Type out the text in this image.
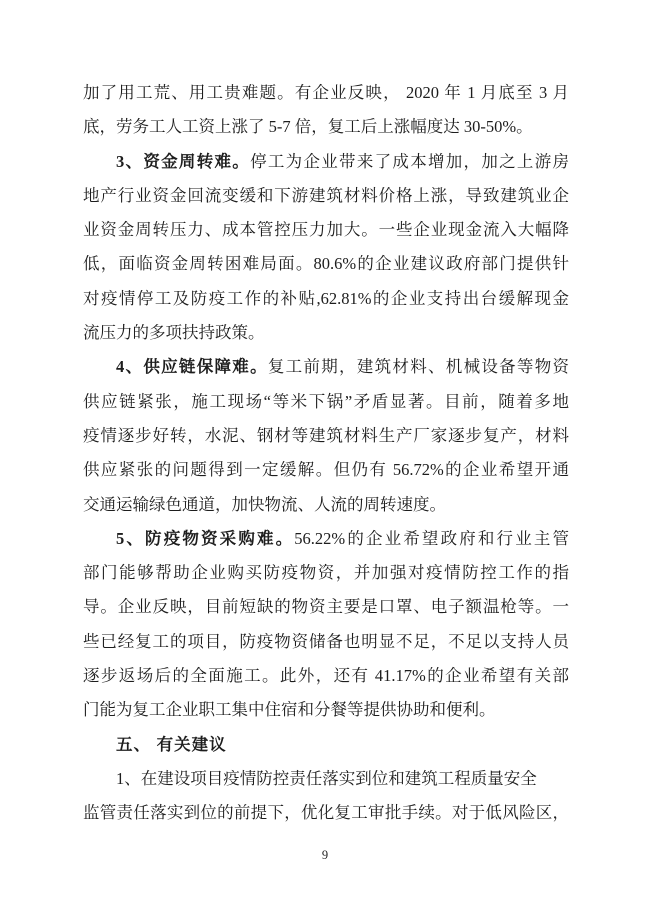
加了用工荒、用工贵难题。有企业反映， 2020 年 1 月底至 3 月
底，劳务工人工资上涨了 5-7 倍，复工后上涨幅度达 30-50%。
3、资金周转难。停工为企业带来了成本增加，加之上游房
地产行业资金回流变缓和下游建筑材料价格上涨，导致建筑业企
业资金周转压力、成本管控压力加大。一些企业现金流入大幅降
低，面临资金周转困难局面。80.6%的企业建议政府部门提供针
对疫情停工及防疫工作的补贴,62.81%的企业支持出台缓解现金
流压力的多项扶持政策。
4、供应链保障难。复工前期，建筑材料、机械设备等物资
供应链紧张，施工现场“等米下锅”矛盾显著。目前，随着多地
疫情逐步好转，水泥、钢材等建筑材料生产厂家逐步复产，材料
供应紧张的问题得到一定缓解。但仍有 56.72%的企业希望开通
交通运输绿色通道，加快物流、人流的周转速度。
5、防疫物资采购难。56.22%的企业希望政府和行业主管
部门能够帮助企业购买防疫物资，并加强对疫情防控工作的指
导。企业反映，目前短缺的物资主要是口罩、电子额温枪等。一
些已经复工的项目，防疫物资储备也明显不足，不足以支持人员
逐步返场后的全面施工。此外，还有 41.17%的企业希望有关部
门能为复工企业职工集中住宿和分餐等提供协助和便利。
五、 有关建议
1、在建设项目疫情防控责任落实到位和建筑工程质量安全
监管责任落实到位的前提下，优化复工审批手续。对于低风险区，
9
